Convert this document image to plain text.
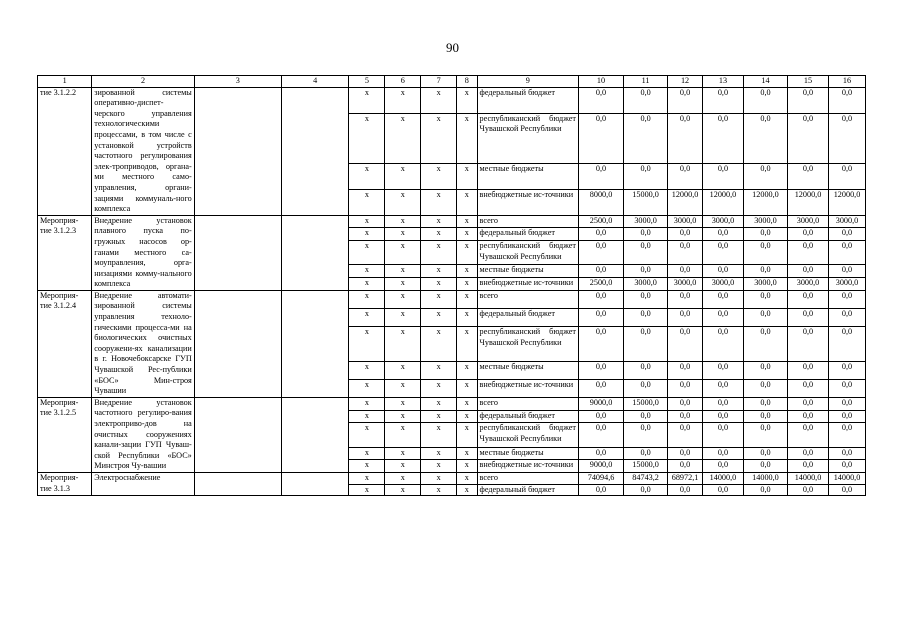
90
1	2	3	4	5	6	7	8	9	10	11	12	13	14	15	16
тие 3.1.2.2	зированной системы оперативно-диспет-черского управления технологическими процессами, в том числе с установкой устройств частотного регулирования элек-троприводов, органа-ми местного само-управления, органи-зациями коммуналь-ного комплекса			x	x	x	x	федеральный бюджет	0,0	0,0	0,0	0,0	0,0	0,0	0,0
				x	x	x	x	республиканский бюджет Чувашской Республики	0,0	0,0	0,0	0,0	0,0	0,0	0,0
				x	x	x	x	местные бюджеты	0,0	0,0	0,0	0,0	0,0	0,0	0,0
				x	x	x	x	внебюджетные ис-точники	8000,0	15000,0	12000,0	12000,0	12000,0	12000,0	12000,0
Мероприя-тие 3.1.2.3	Внедрение установок плавного пуска по-гружных насосов ор-ганами местного са-моуправления, орга-низациями комму-нального комплекса			x	x	x	x	всего	2500,0	3000,0	3000,0	3000,0	3000,0	3000,0	3000,0
				x	x	x	x	федеральный бюджет	0,0	0,0	0,0	0,0	0,0	0,0	0,0
				x	x	x	x	республиканский бюджет Чувашской Республики	0,0	0,0	0,0	0,0	0,0	0,0	0,0
				x	x	x	x	местные бюджеты	0,0	0,0	0,0	0,0	0,0	0,0	0,0
				x	x	x	x	внебюджетные ис-точники	2500,0	3000,0	3000,0	3000,0	3000,0	3000,0	3000,0
Мероприя-тие 3.1.2.4	Внедрение автомати-зированной системы управления техноло-гическими процесса-ми на биологических очистных сооружени-ях канализации в г. Новочебоксарске ГУП Чувашской Рес-публики «БОС» Мин-строя Чувашии			x	x	x	x	всего	0,0	0,0	0,0	0,0	0,0	0,0	0,0
				x	x	x	x	федеральный бюджет	0,0	0,0	0,0	0,0	0,0	0,0	0,0
				x	x	x	x	республиканский бюджет Чувашской Республики	0,0	0,0	0,0	0,0	0,0	0,0	0,0
				x	x	x	x	местные бюджеты	0,0	0,0	0,0	0,0	0,0	0,0	0,0
				x	x	x	x	внебюджетные ис-точники	0,0	0,0	0,0	0,0	0,0	0,0	0,0
Мероприя-тие 3.1.2.5	Внедрение установок частотного регулиро-вания электроприво-дов на очистных сооружениях канали-зации ГУП Чуваш-ской Республики «БОС» Минстроя Чу-вашии			x	x	x	x	всего	9000,0	15000,0	0,0	0,0	0,0	0,0	0,0
				x	x	x	x	федеральный бюджет	0,0	0,0	0,0	0,0	0,0	0,0	0,0
				x	x	x	x	республиканский бюджет Чувашской Республики	0,0	0,0	0,0	0,0	0,0	0,0	0,0
				x	x	x	x	местные бюджеты	0,0	0,0	0,0	0,0	0,0	0,0	0,0
				x	x	x	x	внебюджетные ис-точники	9000,0	15000,0	0,0	0,0	0,0	0,0	0,0
Мероприя-тие 3.1.3	Электроснабжение			x	x	x	x	всего	74094,6	84743,2	68972,1	14000,0	14000,0	14000,0	14000,0
				x	x	x	x	федеральный бюджет	0,0	0,0	0,0	0,0	0,0	0,0	0,0
